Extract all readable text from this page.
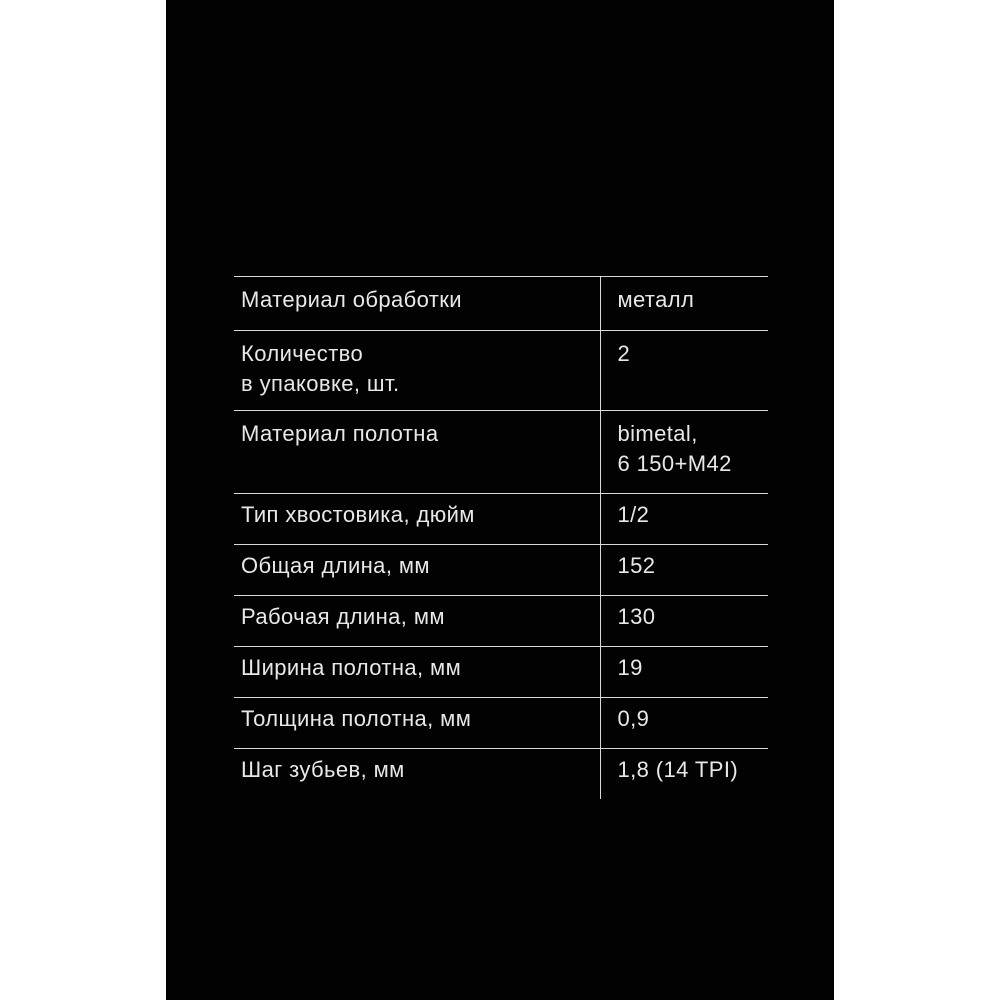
Материал обработки	металл

Количество
в упаковке, шт.	2

Материал полотна	bimetal,
6 150+M42

Тип хвостовика, дюйм	1/2

Общая длина, мм	152

Рабочая длина, мм	130

Ширина полотна, мм	19

Толщина полотна, мм	0,9

Шаг зубьев, мм	1,8 (14 TPI)
